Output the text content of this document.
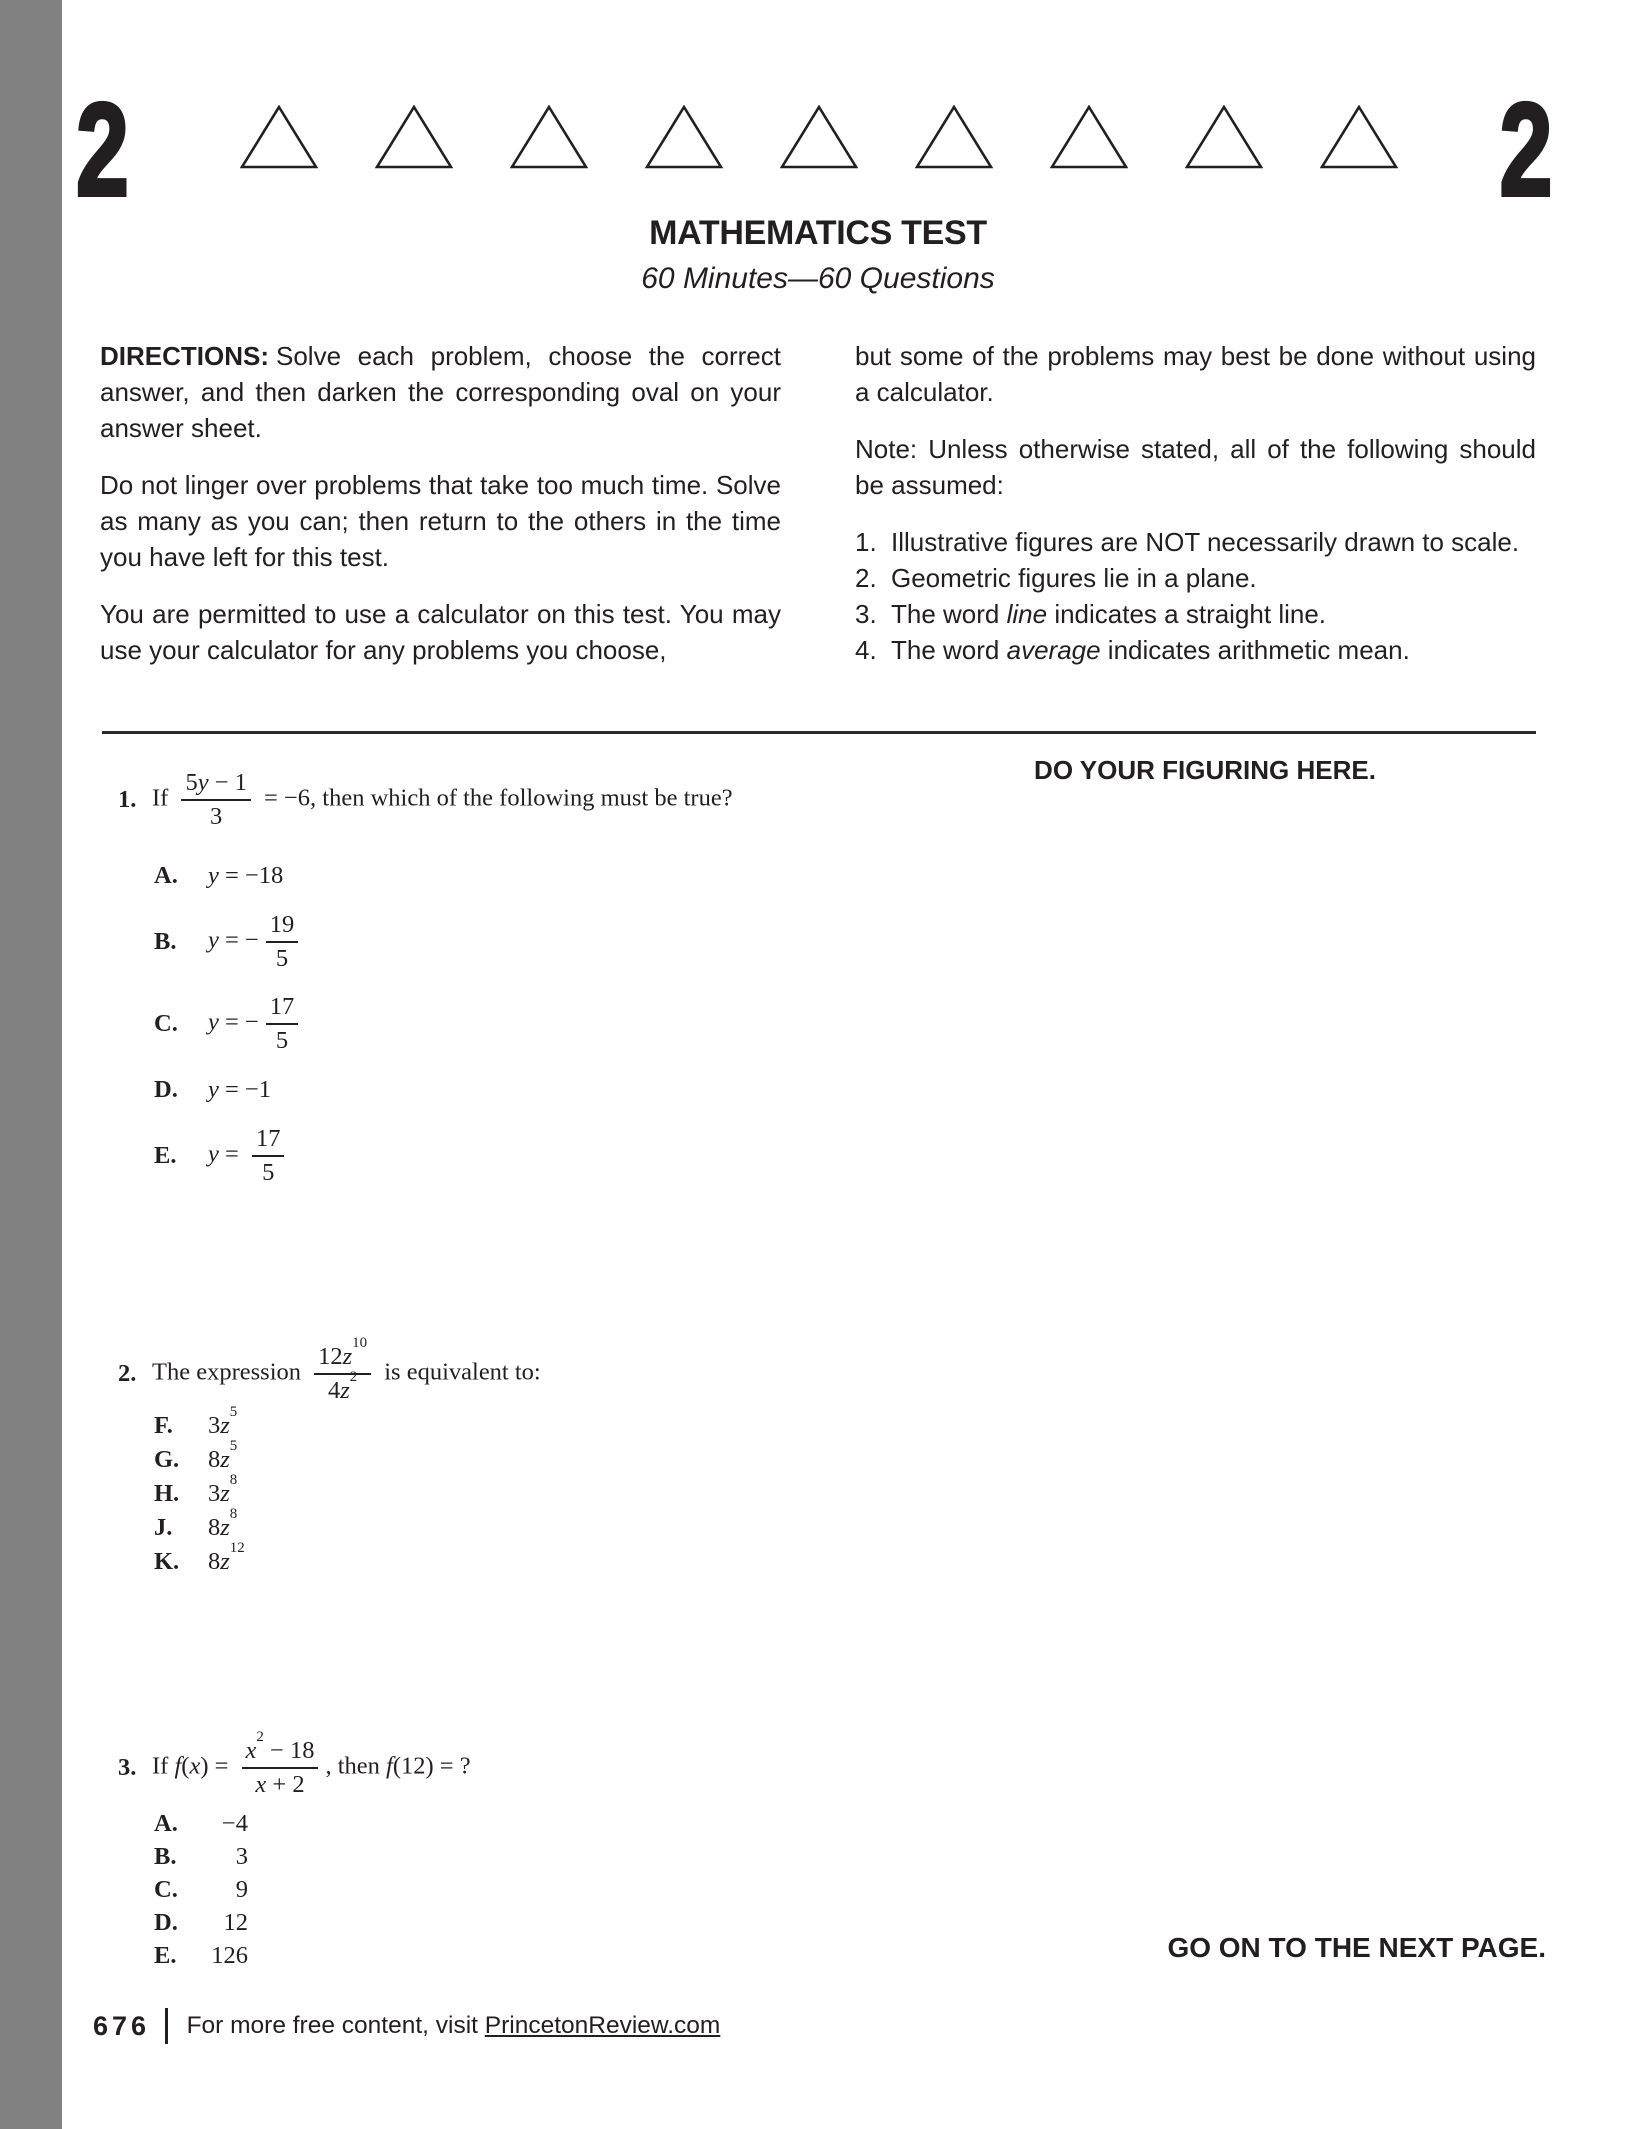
2	2
MATHEMATICS TEST
60 Minutes—60 Questions

DIRECTIONS: Solve each problem, choose the correct answer, and then darken the corresponding oval on your answer sheet.

Do not linger over problems that take too much time. Solve as many as you can; then return to the others in the time you have left for this test.

You are permitted to use a calculator on this test. You may use your calculator for any problems you choose,

but some of the problems may best be done without using a calculator.

Note: Unless otherwise stated, all of the following should be assumed:

1. Illustrative figures are NOT necessarily drawn to scale.
2. Geometric figures lie in a plane.
3. The word line indicates a straight line.
4. The word average indicates arithmetic mean.
DO YOUR FIGURING HERE.
1. If $\frac{5y - 1}{3} = -6$, then which of the following must be true?
A.	y = −18
B.	y = − $\frac{19}{5}$
C.	y = − $\frac{17}{5}$
D.	y = −1
E.	$y = \frac{17}{5}$
2. The expression $\frac{12z^{10}}{4z^2}$ is equivalent to:
F.	$3z^5$
G.	$8z^5$
H.	$3z^8$
J.	$8z^8$
K.	$8z^{12}$
3. If $f(x) = \frac{x^2 - 18}{x + 2}$ , then f(12) = ?
A.	−4
B.	3
C.	9
D.	12
E.	126	GO ON TO THE NEXT PAGE.
676 For more free content, visit PrincetonReview.com
